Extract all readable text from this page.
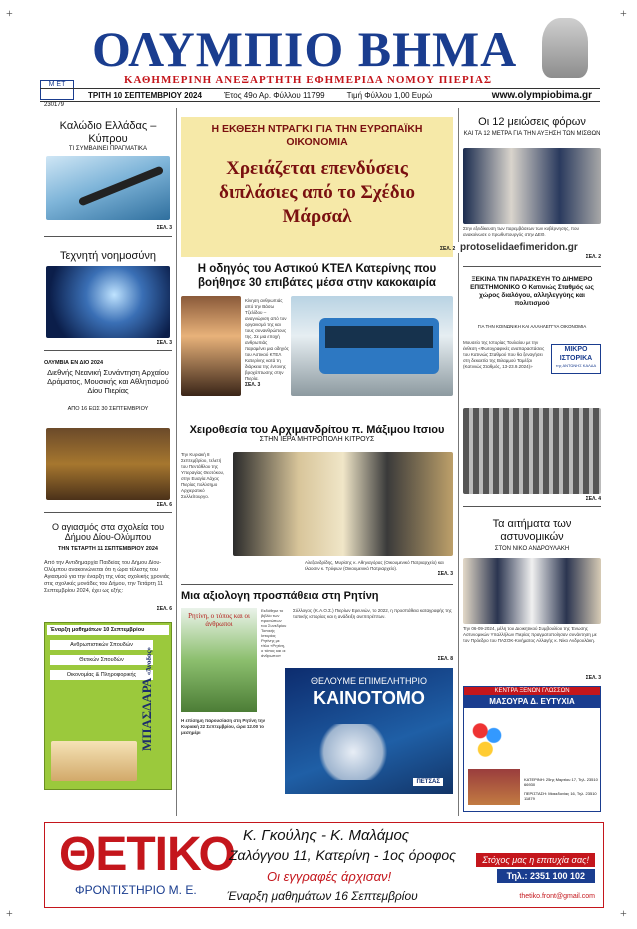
M ET
ΟΛΥΜΠΙΟ ΒΗΜΑ
ΚΑΘΗΜΕΡΙΝΗ ΑΝΕΞΑΡΤΗΤΗ ΕΦΗΜΕΡΙΔΑ ΝΟΜΟΥ ΠΙΕΡΙΑΣ
230179
ΤΡΙΤΗ 10 ΣΕΠΤΕΜΒΡΙΟΥ 2024	Έτος 49ο Αρ. Φύλλου 11799	Τιμή Φύλλου 1,00 Ευρώ	www.olympiobima.gr
Καλώδιο Ελλάδας – Κύπρου
ΤΙ ΣΥΜΒΑΙΝΕΙ ΠΡΑΓΜΑΤΙΚΑ
ΣΕΛ. 3
Τεχνητή νοημοσύνη
ΣΕΛ. 3
ΟΛΥΜΒΙΑ ΕΝ ΔΙΟ 2024
Διεθνής Νεανική Συνάντηση Αρχαίου Δράματος, Μουσικής και Αθλητισμού Δίου Πιερίας
ΑΠΟ 16 ΕΩΣ 30 ΣΕΠΤΕΜΒΡΙΟΥ
ΣΕΛ. 6
Ο αγιασμός στα σχολεία του Δήμου Δίου-Ολύμπου
ΤΗΝ ΤΕΤΑΡΤΗ 11 ΣΕΠΤΕΜΒΡΙΟΥ 2024
Από την Αντιδημαρχία Παιδείας του Δήμου Δίου-Ολύμπου ανακοινώνεται ότι η ώρα τέλεσης του Αγιασμού για την έναρξη της νέας σχολικής χρονιάς στις σχολικές μονάδες του Δήμου, την Τετάρτη 11 Σεπτεμβρίου 2024, έχει ως εξής:
ΣΕΛ. 6
Έναρξη μαθημάτων 10 Σεπτεμβρίου
Ανθρωπιστικών Σπουδών
Θετικών Σπουδών
Οικονομίας & Πληροφορικής
ΜΠΑΣΔΑΡΑ «Άνοδος»
Η ΕΚΘΕΣΗ ΝΤΡΑΓΚΙ ΓΙΑ ΤΗΝ ΕΥΡΩΠΑΪΚΗ ΟΙΚΟΝΟΜΙΑ
Χρειάζεται επενδύσεις διπλάσιες από το Σχέδιο Μάρσαλ
ΣΕΛ. 2 protoselidaefimeridon.gr
Η οδηγός του Αστικού ΚΤΕΛ Κατερίνης που βοήθησε 30 επιβάτες μέσα στην κακοκαιρία
Κίνηση ανθρωπιάς από την Βάσω Τζελίδου – αναγνώριση από τον οργανισμό της και τους συνανθρώπους της. Σε μια εποχή ανθρωπιάς παραμένει μια οδηγός του Αστικού ΚΤΕΛ Κατερίνης κατά τη διάρκεια της έντονης βροχόπτωσης στην Πιερία.
ΣΕΛ. 3
Χειροθεσία του Αρχιμανδρίτου π. Μάξιμου Ιτσιου
ΣΤΗΝ ΙΕΡΑ ΜΗΤΡΟΠΟΛΗ ΚΙΤΡΟΥΣ
Την Κυριακή 8 Σεπτεμβρίου, τελετή του Πεντάθλου της Υπεραγίας Θεοτόκου, στην Ευαγία Λάχος Πιερίας πολύσημο Αρχιερατικό Συλλείτουργο.
Αλεξανδρίδης, Μυρίσης κ. Αθηναγόρας (Οικουμενικό Πατριαρχείο) και Ιλαοσιν κ. Τρύφων (Οικουμενικό Πατριαρχείο).
ΣΕΛ. 3
Μια αξιολογη προσπάθεια στη Ρητίνη
Ρητίνη, ο τόπος και οι άνθρωποι
Εκδόθηκε το βιβλίο των προσώπων του Συνεδρίου Τοπικής Ιστορίας Ρητίνης με τίτλο «Ρητίνη, ο τόπος και οι άνθρωποι»
Η επίσημη παρουσίαση στη Ρητίνη την Κυριακή 22 Σεπτεμβρίου, ώρα 12.00 το μεσημέρι
Σύλλογος (Κ.Α.Ο.Σ.) Πιερίων Ερευνών, το 2022, η προσπάθεια καταγραφής της τοπικής ιστορίας και η ανάδειξη ανεπιτρέπτων.
ΣΕΛ. 8
ΘΕΛΟΥΜΕ ΕΠΙΜΕΛΗΤΗΡΙΟ
ΚΑΙΝΟΤΟΜΟ
ΠΕΤΣΑΣ
Οι 12 μειώσεις φόρων
ΚΑΙ ΤΑ 12 ΜΕΤΡΑ ΓΙΑ ΤΗΝ ΑΥΞΗΣΗ ΤΩΝ ΜΙΣΘΩΝ
Στην εξειδίκευση των παρεμβάσεων των κυβέρνησης, που ανακοίνωσε ο πρωθυπουργός στην ΔΕΘ.
ΣΕΛ. 2
ΞΕΚΙΝΑ ΤΙΝ ΠΑΡΑΣΚΕΥΗ ΤΟ ΔΙΗΜΕΡΟ ΕΠΙΣΤΗΜΟΝΙΚΟ Ο Κατινιώς Σταθμός ως χώρος διαλόγου, αλληλεγγύης και πολιτισμού
ΓΙΑ ΤΗΝ ΚΟΙΝΩΝΙΚΗ ΚΑΙ ΑΛΛΗΛΕΓΓΥΑ ΟΙΚΟΝΟΜΙΑ
Μουσείο της Ιστορίας Τουλαίου με την έκθεση «Φωτογραφικές αναπαραστάσεις του Κατινιώς Σταθμού που θα ξεναγήσει στη δεκαετία της Βιλαμμού Ταμέζαι (Κατινιώς Σταθμός, 13-23.9.2024)»
ΜΙΚΡΟ ΙΣΤΟΡΙΚΑ
της ΑΝΤΩΝΗΣ ΚΑΛΔΑ
ΣΕΛ. 4
Τα αιτήματα των αστυνομικών
ΣΤΟΝ ΝΙΚΟ ΑΝΔΡΟΥΛΑΚΗ
Την 06-09-2024, μέλη του Διοικητικού Συμβουλίου της Ένωσης Αστυνομικών Υπαλλήλων Πιερίας πραγματοποίησαν συνάντηση με τον Πρόεδρο του ΠΑΣΟΚ-Κινήματος Αλλαγής κ. Νίκο Ανδρουλάκη.
ΣΕΛ. 3
ΚΕΝΤΡΑ ΞΕΝΩΝ ΓΛΩΣΣΩΝ
ΜΑΣΟΥΡΑ Δ. ΕΥΤΥΧΙΑ
ΚΑΤΕΡΙΝΗ: 25ης Μαρτίου 17, Τηλ. 23510 66930
ΠΕΡΙΣΤΑΣΗ: Μακεδονίας 16, Τηλ. 23510 11879
ΘΕΤΙΚΟ
ΦΡΟΝΤΙΣΤΗΡΙΟ Μ. Ε.
Κ. Γκούλης - Κ. Μαλάμος
Ζαλόγγου 11, Κατερίνη - 1ος όροφος
Οι εγγραφές άρχισαν!
Έναρξη μαθημάτων 16 Σεπτεμβρίου
Στόχος μας η επιτυχία σας!
Τηλ.: 2351 100 102
thetiko.front@gmail.com
+	+
+	+
